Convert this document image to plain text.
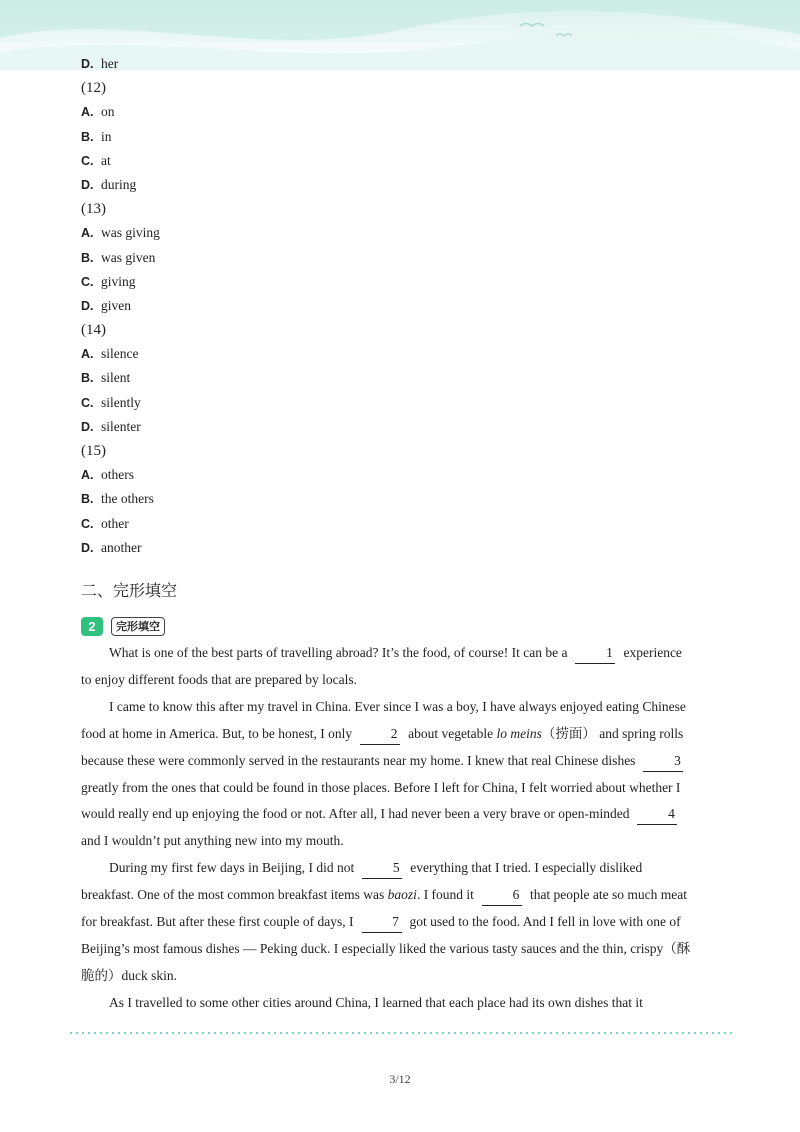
D. her
(12)
A. on
B. in
C. at
D. during
(13)
A. was giving
B. was given
C. giving
D. given
(14)
A. silence
B. silent
C. silently
D. silenter
(15)
A. others
B. the others
C. other
D. another
二、完形填空
2 完形填空

What is one of the best parts of travelling abroad? It’s the food, of course! It can be a	1 experience to enjoy different foods that are prepared by locals.

I came to know this after my travel in China. Ever since I was a boy, I have always enjoyed eating Chinese food at home in America. But, to be honest, I only	2 about vegetable lo meins（捞面） and spring rolls because these were commonly served in the restaurants near my home. I knew that real Chinese dishes	3greatly from the ones that could be found in those places. Before I left for China, I felt worried about whether I would really end up enjoying the food or not. After all, I had never been a very brave or open-minded	4and I wouldn’t put anything new into my mouth.

During my first few days in Beijing, I did not	5 everything that I tried. I especially disliked breakfast. One of the most common breakfast items was baozi. I found it	6 that people ate so much meat for breakfast. But after these first couple of days, I	7 got used to the food. And I fell in love with one of Beijing’s most famous dishes — Peking duck. I especially liked the various tasty sauces and the thin, crispy（酥脆的）duck skin.

As I travelled to some other cities around China, I learned that each place had its own dishes that it

3/12
